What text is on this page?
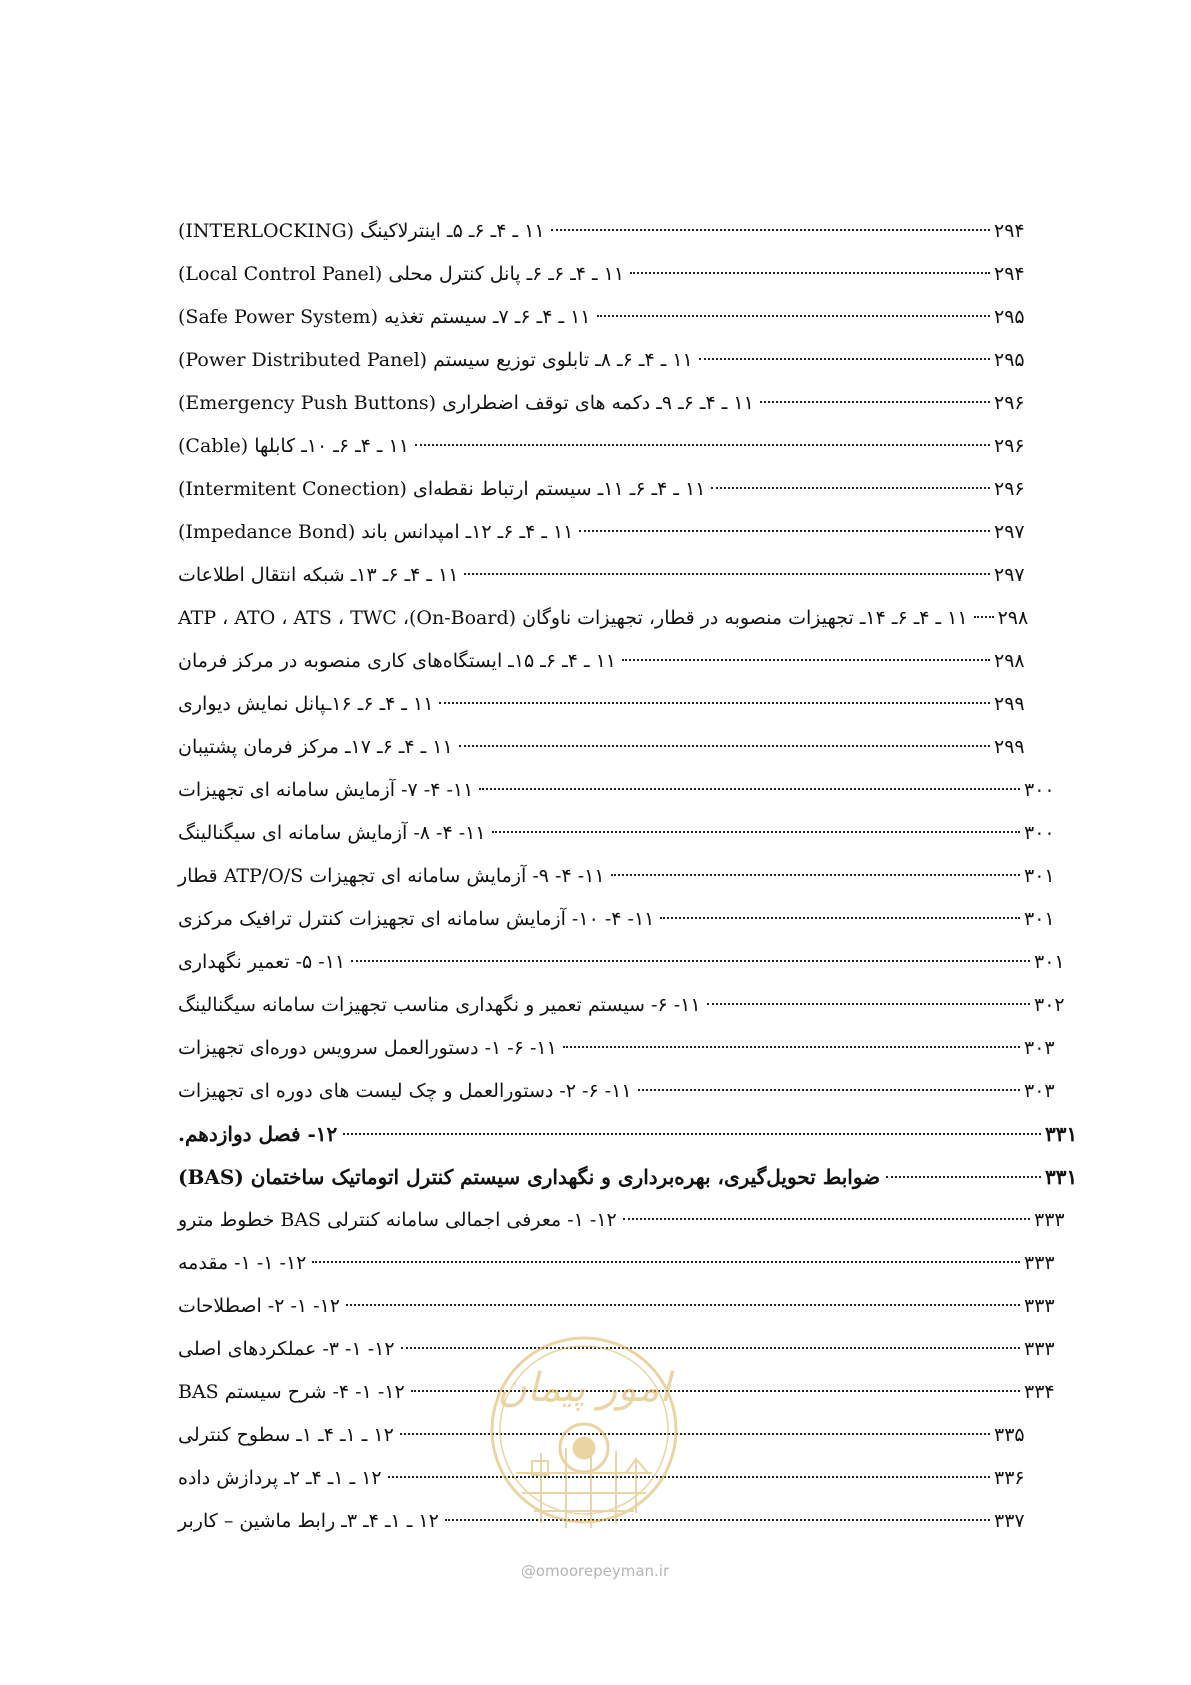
۱۱ ـ ۴ـ ۶ـ ۵ـ اینترلاکینگ (INTERLOCKING)	۲۹۴
۱۱ ـ ۴ـ ۶ـ ۶ـ پانل کنترل محلی (Local Control Panel)	۲۹۴
۱۱ ـ ۴ـ ۶ـ ۷ـ سیستم تغذیه (Safe Power System)	۲۹۵
۱۱ ـ ۴ـ ۶ـ ۸ـ تابلوی توزیع سیستم (Power Distributed Panel)	۲۹۵
۱۱ ـ ۴ـ ۶ـ ۹ـ دکمه های توقف اضطراری (Emergency Push Buttons)	۲۹۶
۱۱ ـ ۴ـ ۶ـ ۱۰ـ کابلها (Cable)	۲۹۶
۱۱ ـ ۴ـ ۶ـ ۱۱ـ سیستم ارتباط نقطه‌ای (Intermitent Conection)	۲۹۶
۱۱ ـ ۴ـ ۶ـ ۱۲ـ امپدانس باند (Impedance Bond)	۲۹۷
۱۱ ـ ۴ـ ۶ـ ۱۳ـ شبکه انتقال اطلاعات	۲۹۷
۱۱ ـ ۴ـ ۶ـ ۱۴ـ تجهیزات منصوبه در قطار، تجهیزات ناوگان (On-Board)، ATP ، ATO ، ATS ، TWC ۲۹۸
۱۱ ـ ۴ـ ۶ـ ۱۵ـ ایستگاه‌های کاری منصوبه در مرکز فرمان	۲۹۸
۱۱ ـ ۴ـ ۶ـ ۱۶ـپانل نمایش دیواری	۲۹۹
۱۱ ـ ۴ـ ۶ـ ۱۷ـ مرکز فرمان پشتیبان	۲۹۹
۱۱- ۴- ۷- آزمایش سامانه ای تجهیزات	۳۰۰
۱۱- ۴- ۸- آزمایش سامانه ای سیگنالینگ	۳۰۰
۱۱- ۴- ۹- آزمایش سامانه ای تجهیزات ATP/O/S قطار	۳۰۱
۱۱- ۴- ۱۰- آزمایش سامانه ای تجهیزات کنترل ترافیک مرکزی	۳۰۱
۱۱- ۵- تعمیر نگهداری	۳۰۱
۱۱- ۶- سیستم تعمیر و نگهداری مناسب تجهیزات سامانه سیگنالینگ	۳۰۲
۱۱- ۶- ۱- دستورالعمل سرویس دوره‌ای تجهیزات	۳۰۳
۱۱- ۶- ۲- دستورالعمل و چک لیست های دوره ای تجهیزات	۳۰۳
۱۲- فصل دوازدهم.	۳۳۱
ضوابط تحویل‌گیری، بهره‌برداری و نگهداری سیستم کنترل اتوماتیک ساختمان (BAS)	۳۳۱
۱۲- ۱- معرفی اجمالی سامانه کنترلی BAS خطوط مترو	۳۳۳
۱۲- ۱- ۱- مقدمه	۳۳۳
۱۲- ۱- ۲- اصطلاحات	۳۳۳
۱۲- ۱- ۳- عملکردهای اصلی	۳۳۳
۱۲- ۱- ۴- شرح سیستم BAS	۳۳۴
۱۲ ـ ۱ـ ۴ـ ۱ـ سطوح کنترلی	۳۳۵
۱۲ ـ ۱ـ ۴ـ ۲ـ پردازش داده	۳۳۶
۱۲ ـ ۱ـ ۴ـ ۳ـ رابط ماشین – کاربر	۳۳۷
امور پیمان
@omoorepeyman.ir
